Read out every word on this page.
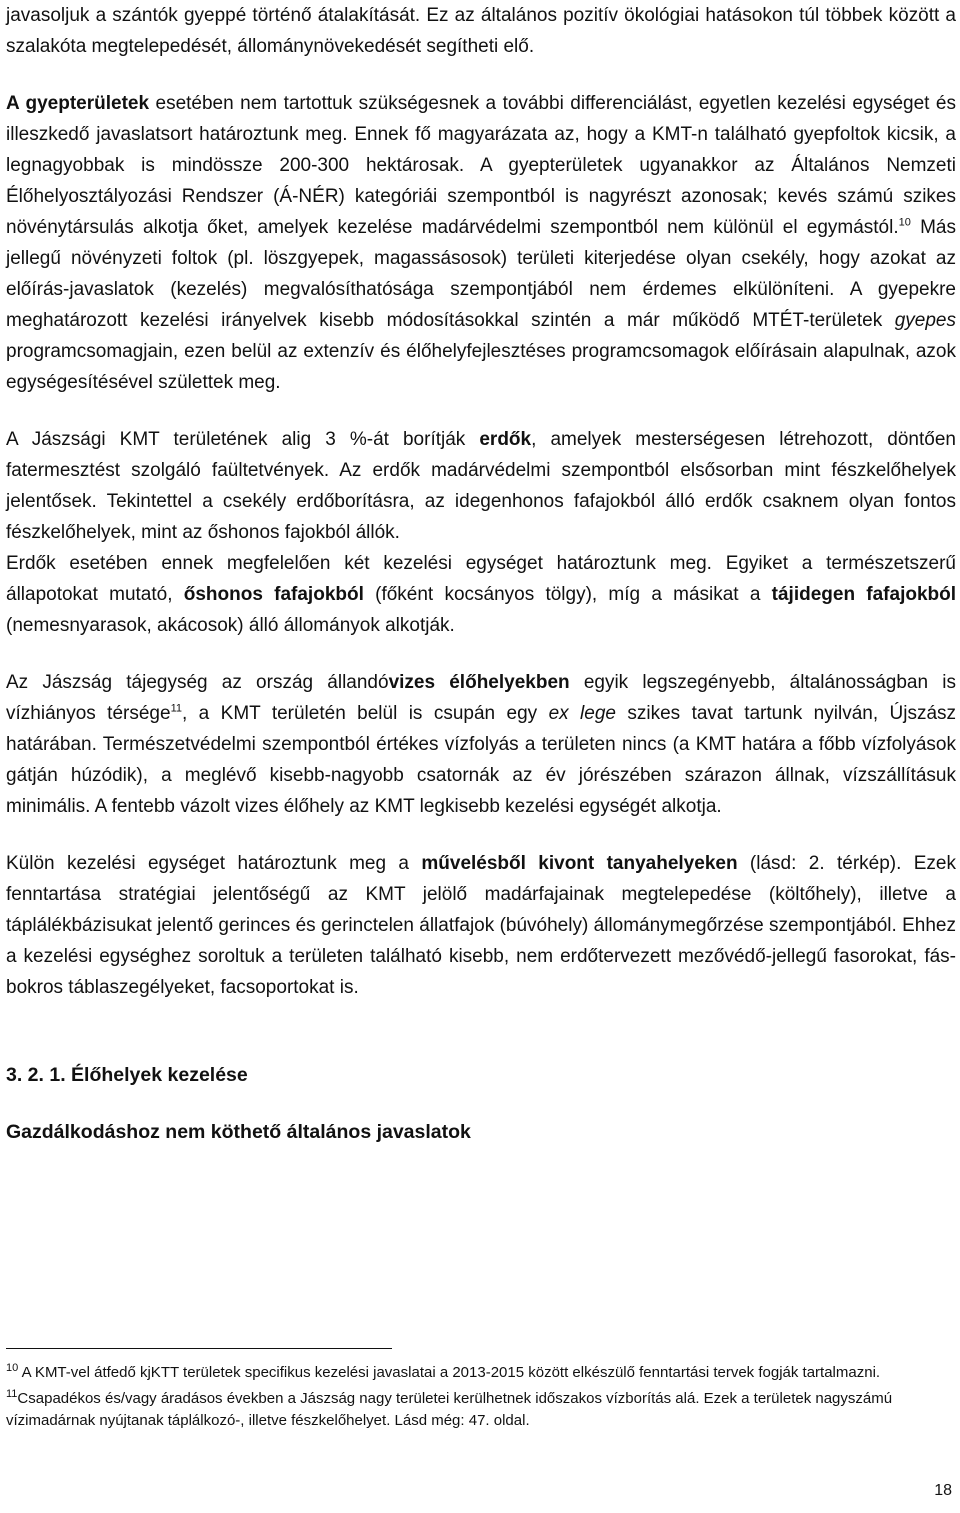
javasoljuk a szántók gyeppé történő átalakítását. Ez az általános pozitív ökológiai hatásokon túl többek között a szalakóta megtelepedését, állománynövekedését segítheti elő.

A gyepterületek esetében nem tartottuk szükségesnek a további differenciálást, egyetlen kezelési egységet és illeszkedő javaslatsort határoztunk meg. Ennek fő magyarázata az, hogy a KMT-n található gyepfoltok kicsik, a legnagyobbak is mindössze 200-300 hektárosak. A gyepterületek ugyanakkor az Általános Nemzeti Élőhelyosztályozási Rendszer (Á-NÉR) kategóriái szempontból is nagyrészt azonosak; kevés számú szikes növénytársulás alkotja őket, amelyek kezelése madárvédelmi szempontból nem különül el egymástól.$^{10}$ Más jellegű növényzeti foltok (pl. löszgyepek, magassásosok) területi kiterjedése olyan csekély, hogy azokat az előírás-javaslatok (kezelés) megvalósíthatósága szempontjából nem érdemes elkülöníteni. A gyepekre meghatározott kezelési irányelvek kisebb módosításokkal szintén a már működő MTÉT-területek gyepes programcsomagjain, ezen belül az extenzív és élőhelyfejlesztéses programcsomagok előírásain alapulnak, azok egységesítésével születtek meg.

A Jászsági KMT területének alig 3 %-át borítják erdők, amelyek mesterségesen létrehozott, döntően fatermesztést szolgáló faültetvények. Az erdők madárvédelmi szempontból elsősorban mint fészkelőhelyek jelentősek. Tekintettel a csekély erdőborításra, az idegenhonos fafajokból álló erdők csaknem olyan fontos fészkelőhelyek, mint az őshonos fajokból állók.

Erdők esetében ennek megfelelően két kezelési egységet határoztunk meg. Egyiket a természetszerű állapotokat mutató, őshonos fafajokból (főként kocsányos tölgy), míg a másikat a tájidegen fafajokból (nemesnyarasok, akácosok) álló állományok alkotják.

Az Jászság tájegység az ország állandóvizes élőhelyekben egyik legszegényebb, általánosságban is vízhiányos térsége$^{11}$, a KMT területén belül is csupán egy ex lege szikes tavat tartunk nyilván, Újszász határában. Természetvédelmi szempontból értékes vízfolyás a területen nincs (a KMT határa a főbb vízfolyások gátján húzódik), a meglévő kisebb-nagyobb csatornák az év jórészében szárazon állnak, vízszállításuk minimális. A fentebb vázolt vizes élőhely az KMT legkisebb kezelési egységét alkotja.

Külön kezelési egységet határoztunk meg a művelésből kivont tanyahelyeken (lásd: 2. térkép). Ezek fenntartása stratégiai jelentőségű az KMT jelölő madárfajainak megtelepedése (költőhely), illetve a táplálékbázisukat jelentő gerinces és gerinctelen állatfajok (búvóhely) állománymegőrzése szempontjából. Ehhez a kezelési egységhez soroltuk a területen található kisebb, nem erdőtervezett mezővédő-jellegű fasorokat, fás-bokros táblaszegélyeket, facsoportokat is.

3. 2. 1. Élőhelyek kezelése

Gazdálkodáshoz nem köthető általános javaslatok

$^{10}$ A KMT-vel átfedő kjKTT területek specifikus kezelési javaslatai a 2013-2015 között elkészülő fenntartási tervek fogják tartalmazni.

$^{11}$Csapadékos és/vagy áradásos években a Jászság nagy területei kerülhetnek időszakos vízborítás alá. Ezek a területek nagyszámú vízimadárnak nyújtanak táplálkozó-, illetve fészkelőhelyet. Lásd még: 47. oldal.

18
